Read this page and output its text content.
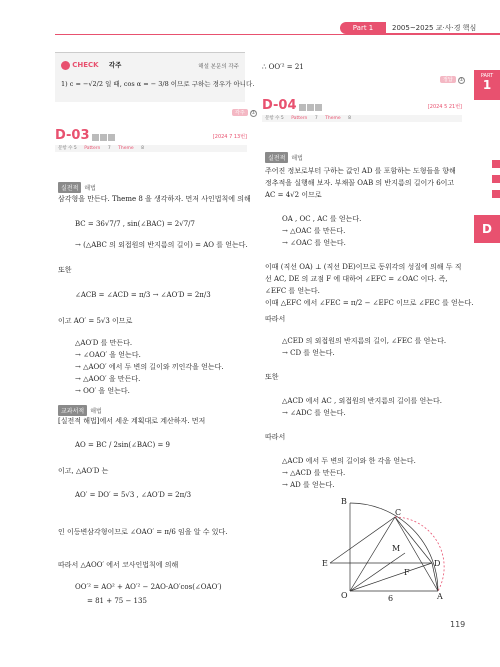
Part 1	2005~2025 교·사·경 핵심
PART
1
D
CHECK 각주	해설 본문의 각주
1) c = −√2/2 일 때, cos α = − 3/8 이므로 구하는 경우가 아니다.
각주 ①
∴ OO′² = 21
정답 ①
D-03	[2024 7 13번]
문항 수 5 Pattern 7 Theme 8
실전적 해법
삼각형을 만든다. Theme 8 을 생각하자. 먼저 사인법칙에 의해
BC = 36√7/7 , sin(∠BAC) = 2√7/7
→ (△ABC 의 외접원의 반지름의 길이) = AO 를 얻는다.
또한
∠ACB = ∠ACD = π/3 → ∠AO′D = 2π/3
이고 AO′ = 5√3 이므로
△AO′D 를 만든다.
→ ∠OAO′ 을 얻는다.
→ △AOO′ 에서 두 변의 길이와 끼인각을 얻는다.
→ △AOO′ 을 만든다.
→ OO′ 을 얻는다.
교과서적 해법
[실전적 해법]에서 세운 계획대로 계산하자. 먼저
AO = BC / 2sin(∠BAC) = 9
이고, △AO′D 는
AO′ = DO′ = 5√3 , ∠AO′D = 2π/3
인 이등변삼각형이므로 ∠OAO′ = π/6 임을 알 수 있다.
따라서 △AOO′ 에서 코사인법칙에 의해
OO′² = AO² + AO′² − 2AO·AO′cos(∠OAO′)
= 81 + 75 − 135
D-04	[2024 5 21번]
문항 수 5 Pattern 7 Theme 8
실전적 해법
주어진 정보로부터 구하는 값인 AD 를 포함하는 도형들을 향해
정추적을 실행해 보자. 부채꼴 OAB 의 반지름의 길이가 6이고
AC = 4√2 이므로
OA , OC , AC 를 얻는다.
→ △OAC 를 만든다.
→ ∠OAC 를 얻는다.
이때 (직선 OA) ⊥ (직선 DE)이므로 동위각의 성질에 의해 두 직
선 AC, DE 의 교점 F 에 대하여 ∠EFC = ∠OAC 이다. 즉,
∠EFC 를 얻는다.
이때 △EFC 에서 ∠FEC = π/2 − ∠EFC 이므로 ∠FEC 를 얻는다.
따라서
△CED 의 외접원의 반지름의 길이, ∠FEC 를 얻는다.
→ CD 를 얻는다.
또한
△ACD 에서 AC , 외접원의 반지름의 길이를 얻는다.
→ ∠ADC 를 얻는다.
따라서
△ACD 에서 두 변의 길이와 한 각을 얻는다.
→ △ACD 를 만든다.
→ AD 를 얻는다.
B
C
M
E
F
D
O	A
6
119
